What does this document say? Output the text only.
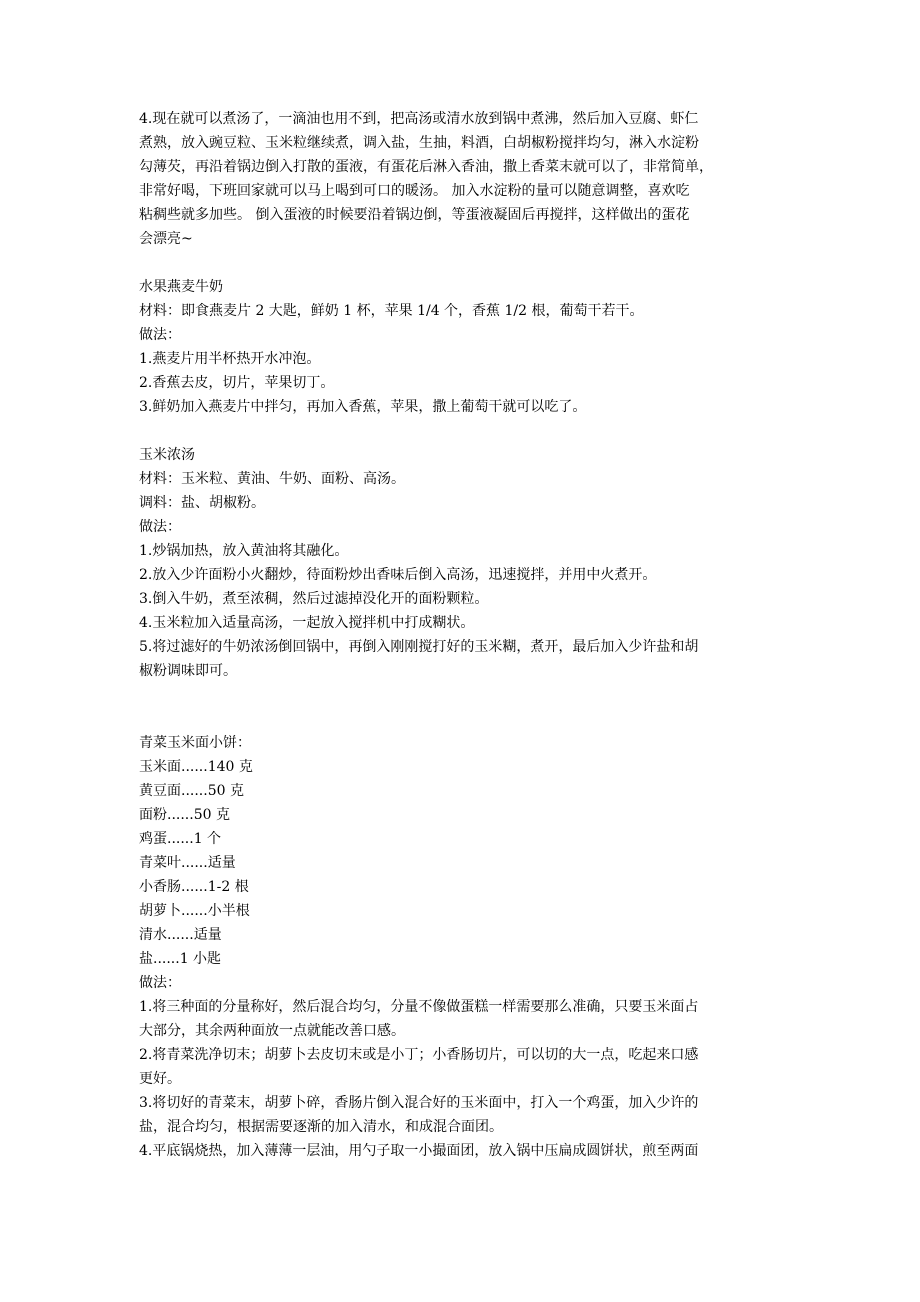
4.现在就可以煮汤了，一滴油也用不到，把高汤或清水放到锅中煮沸，然后加入豆腐、虾仁
煮熟，放入豌豆粒、玉米粒继续煮，调入盐，生抽，料酒，白胡椒粉搅拌均匀，淋入水淀粉
勾薄芡，再沿着锅边倒入打散的蛋液，有蛋花后淋入香油，撒上香菜末就可以了，非常简单，
非常好喝，下班回家就可以马上喝到可口的暖汤。 加入水淀粉的量可以随意调整，喜欢吃
粘稠些就多加些。 倒入蛋液的时候要沿着锅边倒，等蛋液凝固后再搅拌，这样做出的蛋花
会漂亮~
水果燕麦牛奶
材料：即食燕麦片 2 大匙，鲜奶 1 杯，苹果 1/4 个，香蕉 1/2 根，葡萄干若干。
做法：
1.燕麦片用半杯热开水冲泡。
2.香蕉去皮，切片，苹果切丁。
3.鲜奶加入燕麦片中拌匀，再加入香蕉，苹果，撒上葡萄干就可以吃了。
玉米浓汤
材料：玉米粒、黄油、牛奶、面粉、高汤。
调料：盐、胡椒粉。
做法：
1.炒锅加热，放入黄油将其融化。
2.放入少许面粉小火翻炒，待面粉炒出香味后倒入高汤，迅速搅拌，并用中火煮开。
3.倒入牛奶，煮至浓稠，然后过滤掉没化开的面粉颗粒。
4.玉米粒加入适量高汤，一起放入搅拌机中打成糊状。
5.将过滤好的牛奶浓汤倒回锅中，再倒入刚刚搅打好的玉米糊，煮开，最后加入少许盐和胡
椒粉调味即可。
青菜玉米面小饼：
玉米面......140 克
黄豆面......50 克
面粉......50 克
鸡蛋......1 个
青菜叶......适量
小香肠......1-2 根
胡萝卜......小半根
清水......适量
盐......1 小匙
做法：
1.将三种面的分量称好，然后混合均匀，分量不像做蛋糕一样需要那么准确，只要玉米面占
大部分，其余两种面放一点就能改善口感。
2.将青菜洗净切末；胡萝卜去皮切末或是小丁；小香肠切片，可以切的大一点，吃起来口感
更好。
3.将切好的青菜末，胡萝卜碎，香肠片倒入混合好的玉米面中，打入一个鸡蛋，加入少许的
盐，混合均匀，根据需要逐渐的加入清水，和成混合面团。
4.平底锅烧热，加入薄薄一层油，用勺子取一小撮面团，放入锅中压扁成圆饼状，煎至两面
